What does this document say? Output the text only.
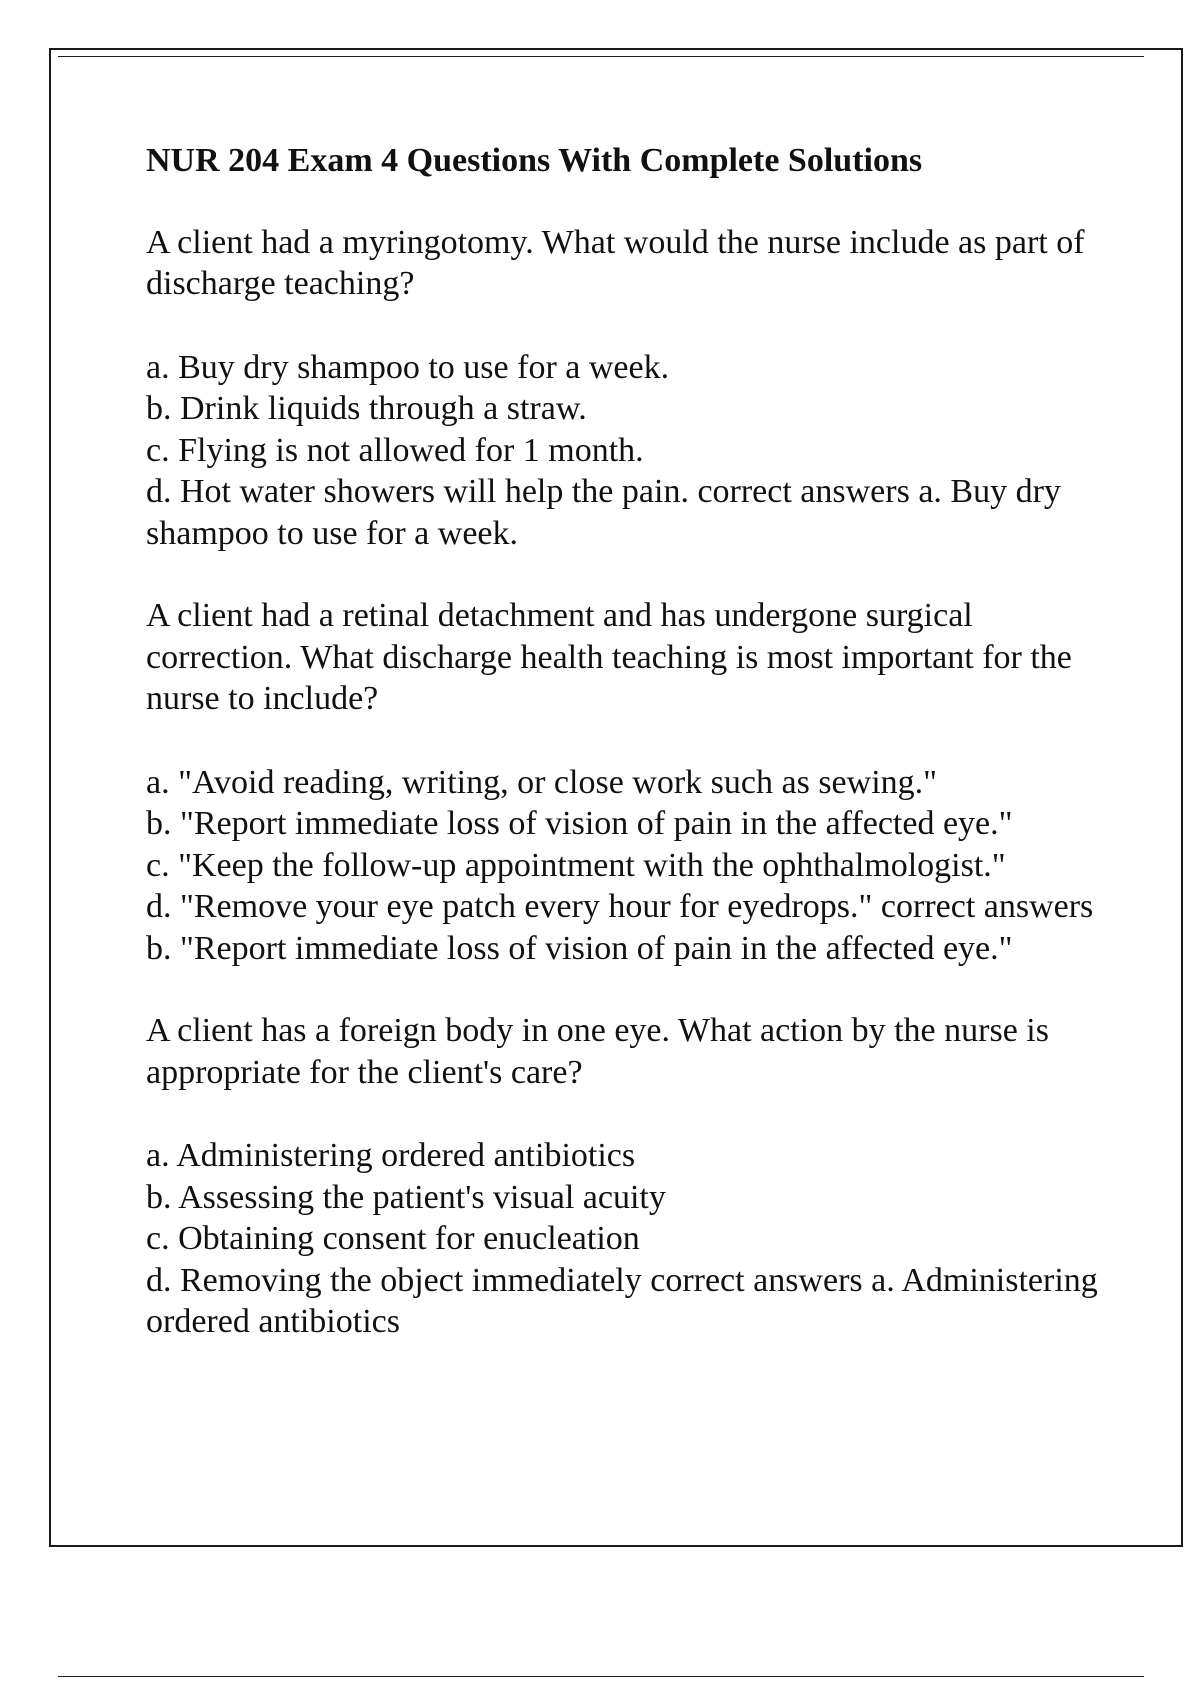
NUR 204 Exam 4 Questions With Complete Solutions

A client had a myringotomy. What would the nurse include as part of discharge teaching?

a. Buy dry shampoo to use for a week.
b. Drink liquids through a straw.
c. Flying is not allowed for 1 month.
d. Hot water showers will help the pain. correct answers a. Buy dry shampoo to use for a week.

A client had a retinal detachment and has undergone surgical correction. What discharge health teaching is most important for the nurse to include?

a. "Avoid reading, writing, or close work such as sewing."
b. "Report immediate loss of vision of pain in the affected eye."
c. "Keep the follow-up appointment with the ophthalmologist."
d. "Remove your eye patch every hour for eyedrops." correct answers b. "Report immediate loss of vision of pain in the affected eye."

A client has a foreign body in one eye. What action by the nurse is appropriate for the client's care?

a. Administering ordered antibiotics
b. Assessing the patient's visual acuity
c. Obtaining consent for enucleation
d. Removing the object immediately correct answers a. Administering ordered antibiotics
